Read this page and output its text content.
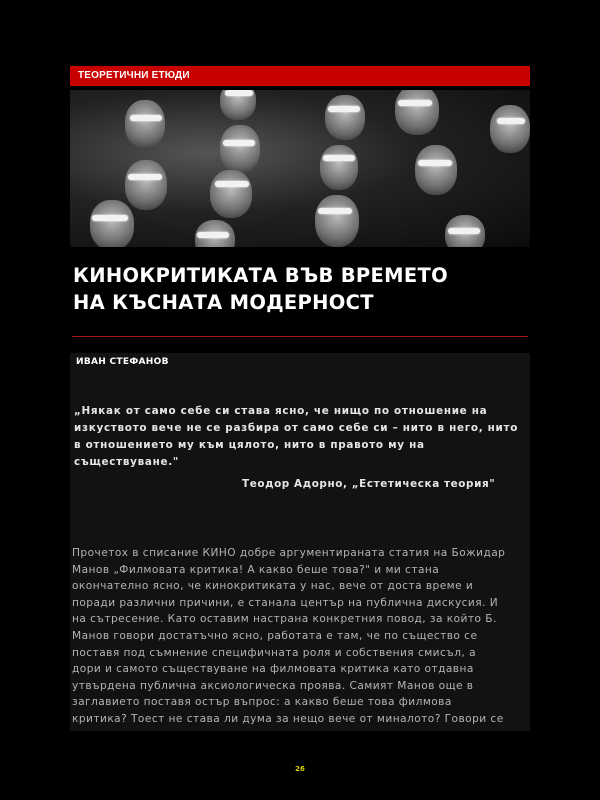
ТЕОРЕТИЧНИ ЕТЮДИ
КИНОКРИТИКАТА ВЪВ ВРЕМЕТО
НА КЪСНАТА МОДЕРНОСТ
ИВАН СТЕФАНОВ

„Някак от само себе си става ясно, че нищо по отношение на
изкуството вече не се разбира от само себе си – нито в него, нито
в отношението му към цялото, нито в правото му на
съществуване."

Теодор Адорно, „Естетическа теория"

Прочетох в списание КИНО добре аргументираната статия на Божидар
Манов „Филмовата критика! А какво беше това?" и ми стана
окончателно ясно, че кинокритиката у нас, вече от доста време и
поради различни причини, е станала център на публична дискусия. И
на сътресение. Като оставим настрана конкретния повод, за който Б.
Манов говори достатъчно ясно, работата е там, че по същество се
поставя под съмнение специфичната роля и собствения смисъл, а
дори и самото съществуване на филмовата критика като отдавна
утвърдена публична аксиологическа проява. Самият Манов още в
заглавието поставя остър въпрос: а какво беше това филмова
критика? Тоест не става ли дума за нещо вече от миналото? Говори се

26
